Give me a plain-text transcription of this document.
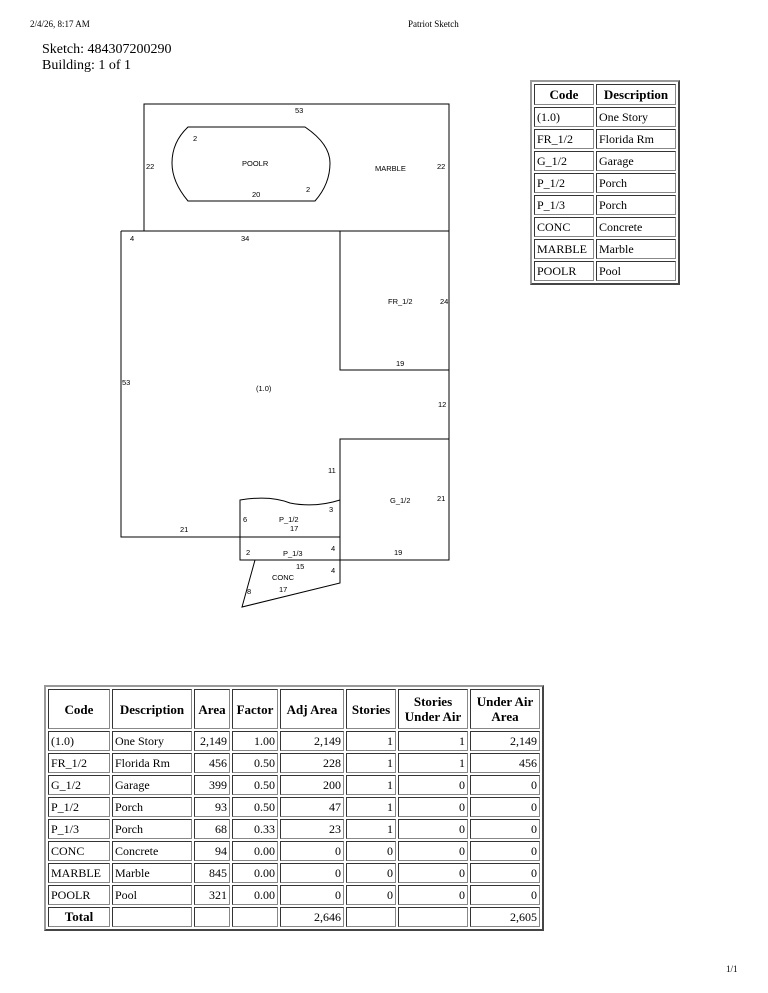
2/4/26, 8:17 AM	Patriot Sketch
Sketch: 484307200290
Building: 1 of 1
MARBLE
POOLR
(1.0)
FR_1/2
G_1/2
P_1/2
P_1/3
CONC
53
22	22
2
2
20
4	34
24
19
53
12
11
21
3
6
17
21
2	4	19
15	4
17
8
Code	Description
(1.0)	One Story
FR_1/2	Florida Rm
G_1/2	Garage
P_1/2	Porch
P_1/3	Porch
CONC	Concrete
MARBLE	Marble
POOLR	Pool
Code	Description	Area	Factor	Adj Area	Stories	Stories Under Air	Under Air Area
(1.0)	One Story	2,149	1.00	2,149	1	1	2,149
FR_1/2	Florida Rm	456	0.50	228	1	1	456
G_1/2	Garage	399	0.50	200	1	0	0
P_1/2	Porch	93	0.50	47	1	0	0
P_1/3	Porch	68	0.33	23	1	0	0
CONC	Concrete	94	0.00	0	0	0	0
MARBLE	Marble	845	0.00	0	0	0	0
POOLR	Pool	321	0.00	0	0	0	0
Total				2,646			2,605
1/1
